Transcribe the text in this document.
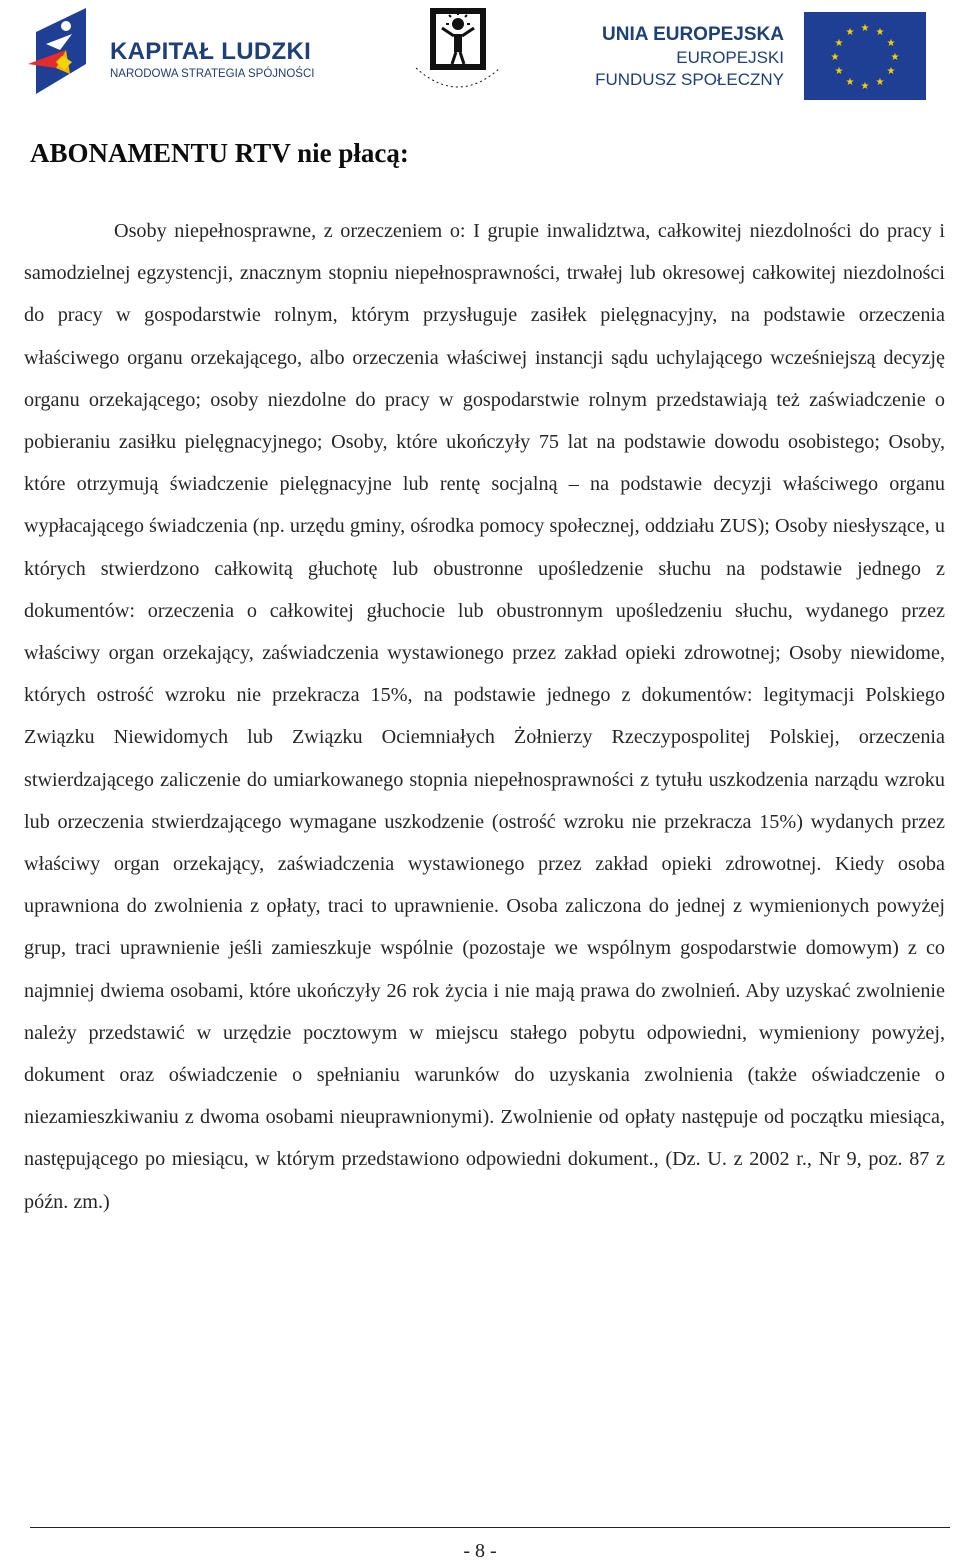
KAPITAŁ LUDZKI
NARODOWA STRATEGIA SPÓJNOŚCI
UNIA EUROPEJSKA
EUROPEJSKI
FUNDUSZ SPOŁECZNY
★ ★
★
★
★
★
★
★
★
★
★
★
ABONAMENTU RTV nie płacą:

Osoby niepełnosprawne, z orzeczeniem o: I grupie inwalidztwa, całkowitej niezdolności do pracy i samodzielnej egzystencji, znacznym stopniu niepełnosprawności, trwałej lub okresowej całkowitej niezdolności do pracy w gospodarstwie rolnym, którym przysługuje zasiłek pielęgnacyjny, na podstawie orzeczenia właściwego organu orzekającego, albo orzeczenia właściwej instancji sądu uchylającego wcześniejszą decyzję organu orzekającego; osoby niezdolne do pracy w gospodarstwie rolnym przedstawiają też zaświadczenie o pobieraniu zasiłku pielęgnacyjnego; Osoby, które ukończyły 75 lat na podstawie dowodu osobistego; Osoby, które otrzymują świadczenie pielęgnacyjne lub rentę socjalną – na podstawie decyzji właściwego organu wypłacającego świadczenia (np. urzędu gminy, ośrodka pomocy społecznej, oddziału ZUS); Osoby niesłyszące, u których stwierdzono całkowitą głuchotę lub obustronne upośledzenie słuchu na podstawie jednego z dokumentów: orzeczenia o całkowitej głuchocie lub obustronnym upośledzeniu słuchu, wydanego przez właściwy organ orzekający, zaświadczenia wystawionego przez zakład opieki zdrowotnej; Osoby niewidome, których ostrość wzroku nie przekracza 15%, na podstawie jednego z dokumentów: legitymacji Polskiego Związku Niewidomych lub Związku Ociemniałych Żołnierzy Rzeczypospolitej Polskiej, orzeczenia stwierdzającego zaliczenie do umiarkowanego stopnia niepełnosprawności z tytułu uszkodzenia narządu wzroku lub orzeczenia stwierdzającego wymagane uszkodzenie (ostrość wzroku nie przekracza 15%) wydanych przez właściwy organ orzekający, zaświadczenia wystawionego przez zakład opieki zdrowotnej. Kiedy osoba uprawniona do zwolnienia z opłaty, traci to uprawnienie. Osoba zaliczona do jednej z wymienionych powyżej grup, traci uprawnienie jeśli zamieszkuje wspólnie (pozostaje we wspólnym gospodarstwie domowym) z co najmniej dwiema osobami, które ukończyły 26 rok życia i nie mają prawa do zwolnień. Aby uzyskać zwolnienie należy przedstawić w urzędzie pocztowym w miejscu stałego pobytu odpowiedni, wymieniony powyżej, dokument oraz oświadczenie o spełnianiu warunków do uzyskania zwolnienia (także oświadczenie o niezamieszkiwaniu z dwoma osobami nieuprawnionymi). Zwolnienie od opłaty następuje od początku miesiąca, następującego po miesiącu, w którym przedstawiono odpowiedni dokument., (Dz. U. z 2002 r., Nr 9, poz. 87 z późn. zm.)

- 8 -
